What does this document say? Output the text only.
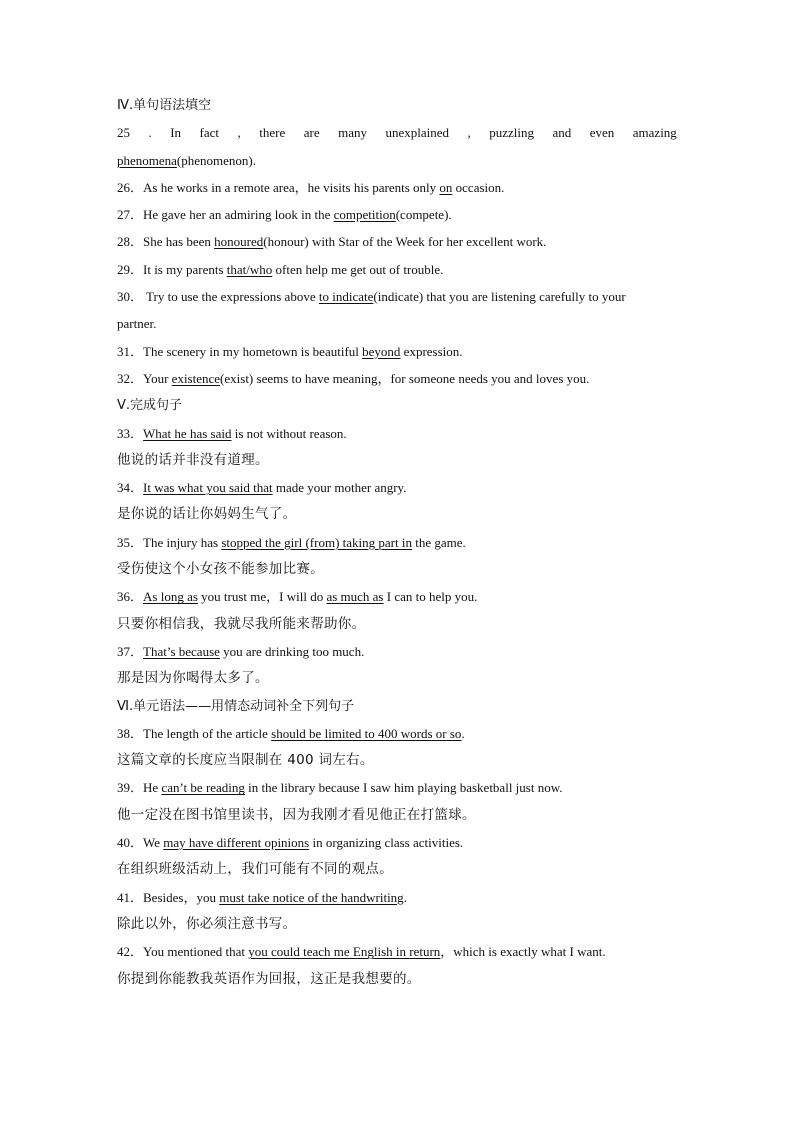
Ⅳ.单句语法填空
25 . In fact , there are many unexplained , puzzling and even amazing
phenomena(phenomenon).
26．As he works in a remote area，he visits his parents only on occasion.
27．He gave her an admiring look in the competition(compete).
28．She has been honoured(honour) with Star of the Week for her excellent work.
29．It is my parents that/who often help me get out of trouble.
30． Try to use the expressions above to indicate(indicate) that you are listening carefully to your
partner.
31．The scenery in my hometown is beautiful beyond expression.
32．Your existence(exist) seems to have meaning，for someone needs you and loves you.
Ⅴ.完成句子
33．What he has said is not without reason.
他说的话并非没有道理。
34．It was what you said that made your mother angry.
是你说的话让你妈妈生气了。
35．The injury has stopped the girl (from) taking part in the game.
受伤使这个小女孩不能参加比赛。
36．As long as you trust me，I will do as much as I can to help you.
只要你相信我，我就尽我所能来帮助你。
37．That’s because you are drinking too much.
那是因为你喝得太多了。
Ⅵ.单元语法——用情态动词补全下列句子
38．The length of the article should be limited to 400 words or so.
这篇文章的长度应当限制在 400 词左右。
39．He can’t be reading in the library because I saw him playing basketball just now.
他一定没在图书馆里读书，因为我刚才看见他正在打篮球。
40．We may have different opinions in organizing class activities.
在组织班级活动上，我们可能有不同的观点。
41．Besides，you must take notice of the handwriting.
除此以外，你必须注意书写。
42．You mentioned that you could teach me English in return，which is exactly what I want.
你提到你能教我英语作为回报，这正是我想要的。
